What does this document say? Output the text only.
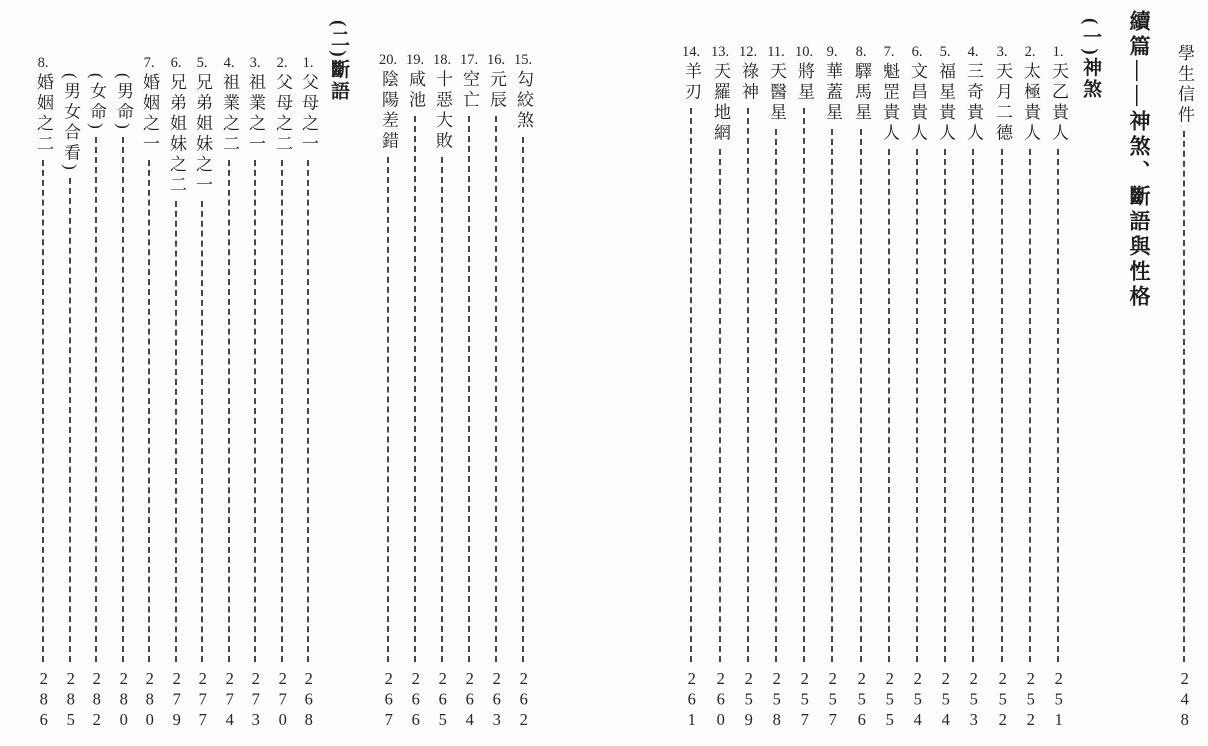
續篇——神煞、斷語與性格
(一)神煞
(二)斷語	學生信件
248
1.
天乙貴人
251
2.
太極貴人
252
3.
天月二德
252
4.
三奇貴人
253
5.
福星貴人
254
6.
文昌貴人
254
7.
魁罡貴人
255
8.
驛馬星
256
9.
華蓋星
257
10.
將星
257
11.
天醫星
258
12.
祿神
259
13.
天羅地網
260
14.
羊刃
261
15.
勾絞煞
262
16.
元辰
263
17.
空亡
264
18.
十惡大敗
265
19.
咸池
266
20.
陰陽差錯
267
1.
父母之一
268
2.
父母之二
270
3.
祖業之一
273
4.
祖業之二
274
5.
兄弟姐妹之一
277
6.
兄弟姐妹之二
279
7.
婚姻之一
280
(男命)
280
(女命)
282
(男女合看)
285
8.
婚姻之二
286
